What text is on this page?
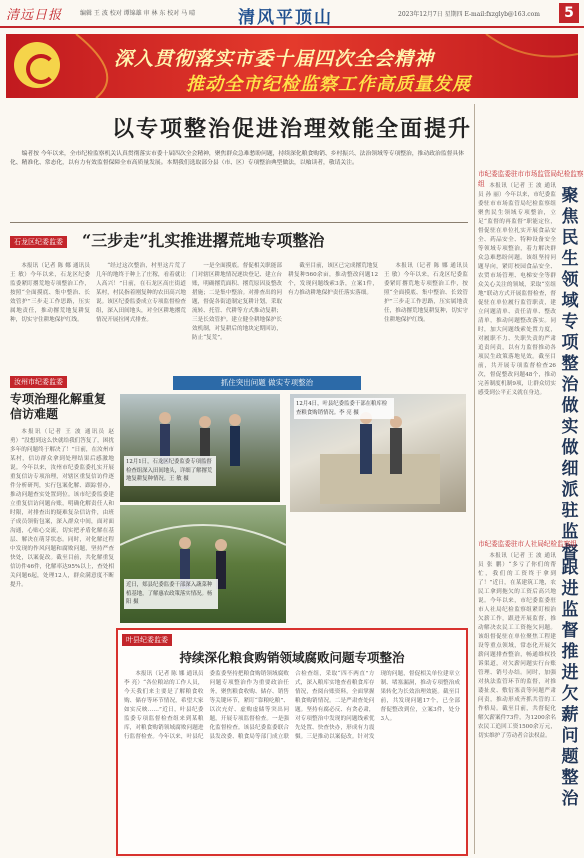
清远日报	编辑 王 波 校对 谭锦雄 审 林 东 校对 马 晴	清风平顶山	2023年12月7日 星期四 E-mail:fxzglyb@163.com	5
深入贯彻落实市委十届四次全会精神
推动全市纪检监察工作高质量发展
以专项整治促进治理效能全面提升
编者按 今年以来，全市纪检监察机关认真贯彻落实市委十届四次全会精神，聚焦群众急难愁盼问题，持续深化粮食购销、乡村振兴、法治领域等专项整治，推动政治监督具体化、精准化、常态化，以有力有效监督保障全市高质量发展。本期我们选取部分县（市、区）专项整治典型做法，以飨读者，敬请关注。
石龙区纪委监委 “三步走”扎实推进撂荒地专项整治
本报讯（记者 陈 娜 通讯员 王 敏）今年以来，石龙区纪委监委紧盯撂荒地专项整治工作，按照“全面摸底、集中整治、长效管护”三步走工作思路，压实属地责任，推动撂荒地复耕复种，切实守住耕地保护红线。
“经过这次整治，村里这片荒了几年的地终于种上了庄稼，看着就让人高兴！”日前，在石龙区高庄街道某村，村民指着刚复种的农田高兴地说。该区纪委监委成立专项监督检查组，深入田间地头，对全区耕地撂荒情况开展拉网式排查。
一是全面摸底。督促相关职能部门对辖区耕地情况逐块登记、建立台账，明确撂荒面积、撂荒原因及整改措施；二是集中整治。对排查出的问题，督促各街道制定复耕计划，采取流转、托管、代耕等方式推动复耕；三是长效管护。建立健全耕地保护长效机制，对复耕后的地块定期回访，防止“复荒”。
截至目前，该区已完成撂荒地复耕复种560余亩，推动整改问题12个，发现问题线索3条，立案1件，有力推动耕地保护责任落实落细。
本报讯（记者 陈 娜 通讯员 王 敏）今年以来，石龙区纪委监委紧盯撂荒地专项整治工作，按照“全面摸底、集中整治、长效管护”三步走工作思路，压实属地责任，推动撂荒地复耕复种，切实守住耕地保护红线。
抓住突出问题 做实专项整治
12月1日，石龙区纪委监委专项监督检查组深入田间地头，详细了解撂荒地复耕复种情况。王 敏 摄
12月4日，叶县纪委监委干部在粮库检查粮食购销情况。李 亮 摄
近日，郏县纪委监委干部深入蔬菜种植基地，了解惠农政策落实情况。杨 阳 摄
汝州市纪委监委
专项治理化解重复信访难题
本报讯（记者 王 波 通讯员 赵 勇）“没想到这么快就给我们答复了，困扰多年的问题终于解决了！”日前，在汝州市某村，信访群众拿到处理结果后感激地说。今年以来，汝州市纪委监委扎实开展重复信访专项治理，对辖区重复信访件逐件分析研判，实行包案化解、跟踪督办，推动问题查实处置到位。该市纪委监委建立重复信访问题台账，明确化解责任人和时限，对排查出的疑难复杂信访件，由班子成员领衔包案，深入群众中间，面对面沟通，心贴心交流，切实把矛盾化解在基层、解决在萌芽状态。同时，对化解过程中发现的作风问题和腐败问题，坚持严查快处，以案促改。截至目前，共化解重复信访件46件，化解率达95%以上，查处相关问题6起，处理12人，群众满意度不断提升。
叶县纪委监委
持续深化粮食购销领域腐败问题专项整治
本报讯（记者 陈 娜 通讯员 李 亮）“各位粮站的工作人员，今天我们来主要是了解粮食收购、储存等环节情况，希望大家如实反映……”近日，叶县纪委监委专项监督检查组来到某粮库，对粮食购销领域腐败问题进行监督检查。今年以来，叶县纪委监委坚持把粮食购销领域腐败问题专项整治作为重要政治任务，聚焦粮食收购、储存、销售等关键环节，紧盯“靠粮吃粮”、以次充好、虚购虚储等突出问题，开展专项监督检查。一是强化监督检查。该县纪委监委联合县发改委、粮食局等部门成立联合检查组，采取“四不两直”方式，深入粮库实地查看粮食库存情况，查阅台账资料，全面掌握粮食购销情况。二是严肃查处问题。坚持有腐必反、有贪必肃，对专项整治中发现的问题线索优先处置、快查快办，形成有力震慑。三是推动以案促改。针对发现的问题，督促相关单位建章立制、堵塞漏洞，推动专项整治成果转化为长效治理效能。截至目前，共发现问题17个，已全部督促整改到位，立案3件，处分3人。
市纪委监委驻市市场监管局纪检监察组 本报讯（记者 王 波 通讯员 孙 丽）今年以来，市纪委监委驻市市场监管局纪检监察组聚焦民生领域专项整治，立足“监督的再监督”职能定位，督促驻在单位扎实开展食品安全、药品安全、特种设备安全等领域专项整治，着力解决群众急难愁盼问题。该组坚持问题导向，紧盯校园食品安全、农贸市场管理、电梯安全等群众关心关注的领域，采取“室组地”联动方式开展监督检查，督促驻在单位履行监管职责，建立问题清单、责任清单、整改清单，推动问题整改落实。同时，加大问题线索处置力度，对履职不力、失职失责的严肃追责问责，以有力监督推动各项民生政策落地见效。截至目前，共开展专项监督检查26次，督促整改问题48个，推动完善制度机制9项，让群众切实感受到公平正义就在身边。
聚焦民生领域专项整治 做实做细派驻监督
市纪委监委驻市人社局纪检监察组
本报讯（记者 王 波 通讯员 张 鹏）“多亏了你们的帮忙，我们的工资终于拿到了！”近日，在某建筑工地，农民工拿到拖欠的工资后高兴地说。今年以来，市纪委监委驻市人社局纪检监察组紧盯根治欠薪工作，跟进开展监督，推动解决农民工工资拖欠问题。该组督促驻在单位聚焦工程建设等重点领域，常态化开展欠薪问题排查整治，畅通维权投诉渠道，对欠薪问题实行台账管理、销号办结。同时，加强对执法监管环节的监督，对推诿扯皮、敷衍塞责等问题严肃问责，推动形成齐抓共管的工作格局。截至目前，共督促化解欠薪案件73件，为1200余名农民工追回工资1500余万元，切实维护了劳动者合法权益。
跟进监督推进欠薪问题整治
